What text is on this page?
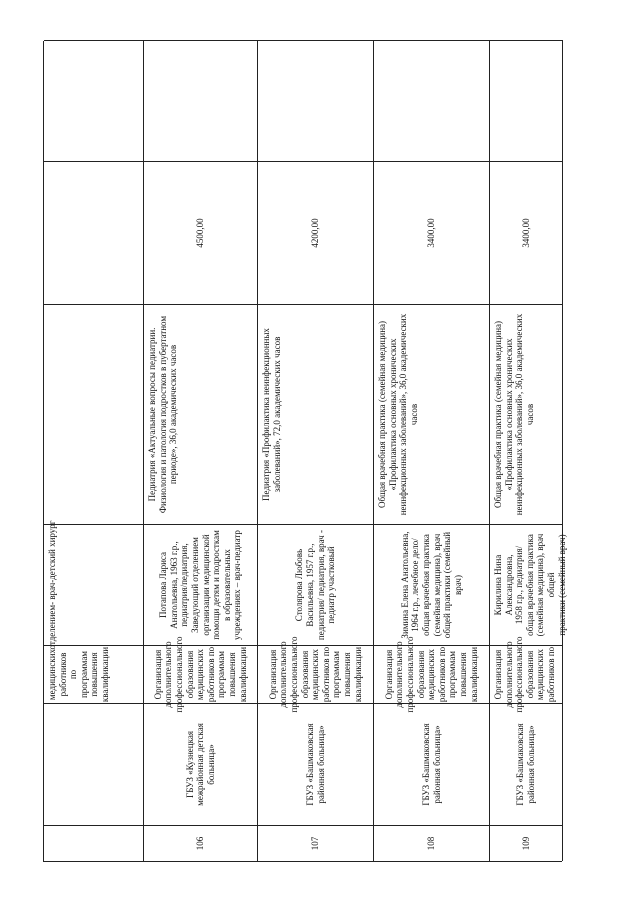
медицинских работников по программам повышения квалификации
отделением- врач-детский хирург
106
ГБУЗ «Кузнецкая межрайонная детская больница»
Организация дополнительного профессионального образования медицинских работников по программам повышения квалификации
Потапова Лариса Анатольевна, 1963 г.р., педиатрия/педиатрия, Заведующий отделением организации медицинской помощи детям и подросткам в образовательных учреждениях – врач-педиатр
Педиатрия «Актуальные вопросы педиатрии. Физиология и патология подростков в пубертатном периоде», 36,0 академических часов
4500,00
107
ГБУЗ «Башмаковская районная больница»
Организация дополнительного профессионального образования медицинских работников по программам повышения квалификации
Столярова Любовь Васильевна, 1957 г.р., педиатрия/ педиатрия, врач - педиатр участковый
Педиатрия «Профилактика неинфекционных заболеваний», 72,0 академических часов
4200,00
108
ГБУЗ «Башмаковская районная больница»
Организация дополнительного профессионального образования медицинских работников по программам повышения квалификации
Зимина Елена Анатольевна, 1964 г.р., лечебное дело/общая врачебная практика (семейная медицина), врач общей практики (семейный врач)
Общая врачебная практика (семейная медицина) «Профилактика основных хронических неинфекционных заболеваний», 36,0 академических часов
3400,00
109
ГБУЗ «Башмаковская районная больница»
Организация дополнительного профессионального образования медицинских работников по
Кирилина Нина Александровна, 1958 г.р., педиатрия/ общая врачебная практика (семейная медицина), врач общей практики (семейный врач)
Общая врачебная практика (семейная медицина) «Профилактика основных хронических неинфекционных заболеваний», 36,0 академических часов
3400,00
